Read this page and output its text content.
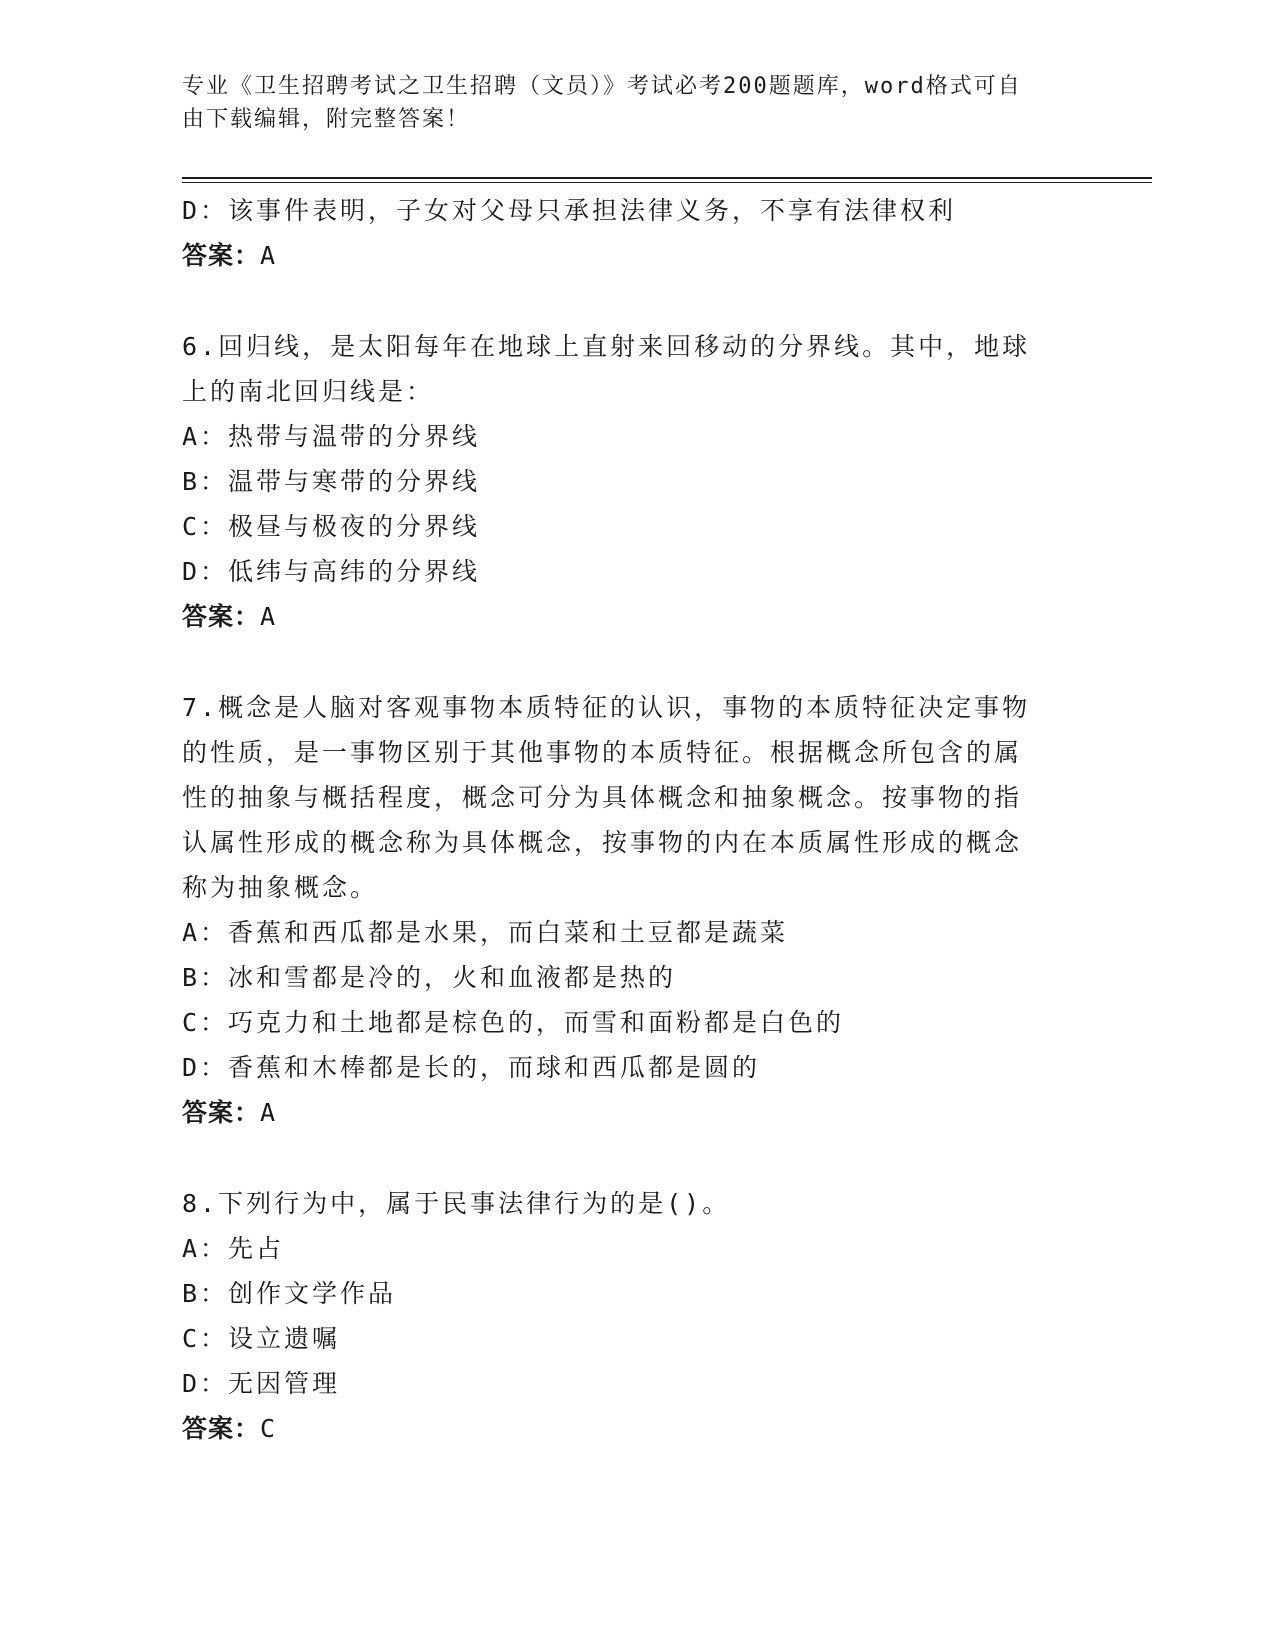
专业《卫生招聘考试之卫生招聘（文员）》考试必考200题题库，word格式可自
由下载编辑，附完整答案！

D：该事件表明，子女对父母只承担法律义务，不享有法律权利

答案：A

6.回归线，是太阳每年在地球上直射来回移动的分界线。其中，地球

上的南北回归线是：

A：热带与温带的分界线

B：温带与寒带的分界线

C：极昼与极夜的分界线

D：低纬与高纬的分界线

答案：A

7.概念是人脑对客观事物本质特征的认识，事物的本质特征决定事物

的性质，是一事物区别于其他事物的本质特征。根据概念所包含的属

性的抽象与概括程度，概念可分为具体概念和抽象概念。按事物的指

认属性形成的概念称为具体概念，按事物的内在本质属性形成的概念

称为抽象概念。

A：香蕉和西瓜都是水果，而白菜和土豆都是蔬菜

B：冰和雪都是冷的，火和血液都是热的

C：巧克力和土地都是棕色的，而雪和面粉都是白色的

D：香蕉和木棒都是长的，而球和西瓜都是圆的

答案：A

8.下列行为中，属于民事法律行为的是()。

A：先占

B：创作文学作品

C：设立遗嘱

D：无因管理

答案：C
